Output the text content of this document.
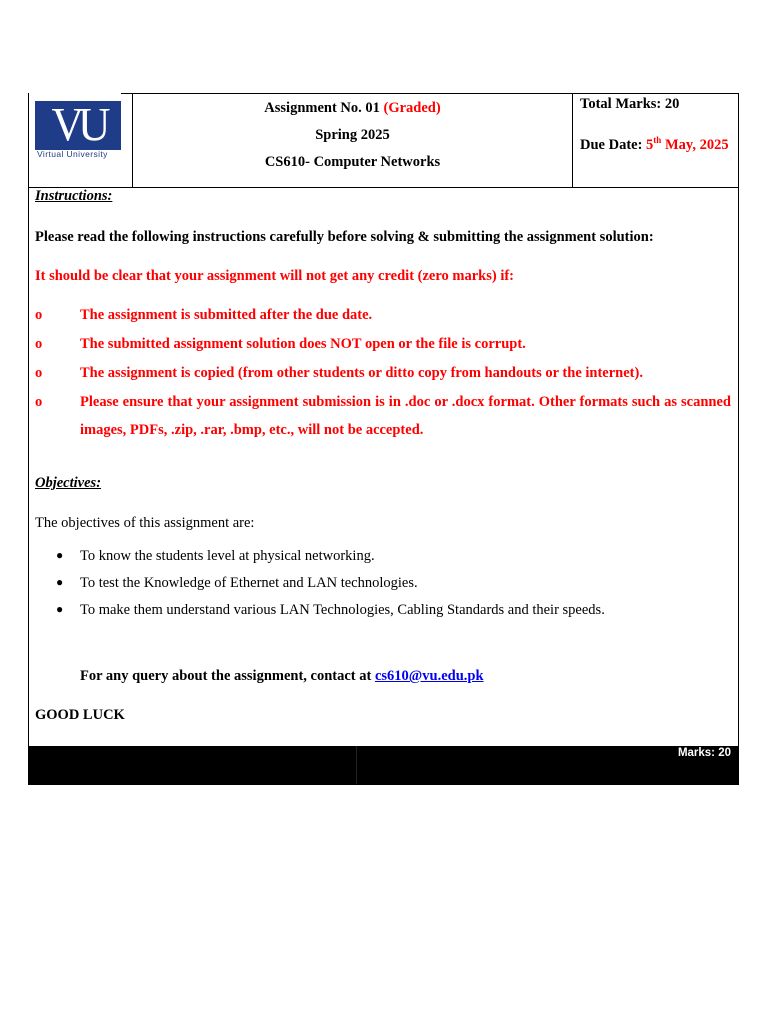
VU
Virtual University
Assignment No. 01 (Graded)
Spring 2025
CS610- Computer Networks
Total Marks: 20
Due Date: 5th May, 2025
Instructions:
Please read the following instructions carefully before solving & submitting the assignment solution:
It should be clear that your assignment will not get any credit (zero marks) if:
o	The assignment is submitted after the due date.
o	The submitted assignment solution does NOT open or the file is corrupt.
o	The assignment is copied (from other students or ditto copy from handouts or the internet).
o	Please ensure that your assignment submission is in .doc or .docx format. Other formats such as scanned images, PDFs, .zip, .rar, .bmp, etc., will not be accepted.
Objectives:
The objectives of this assignment are:
● To know the students level at physical networking.
● To test the Knowledge of Ethernet and LAN technologies.
● To make them understand various LAN Technologies, Cabling Standards and their speeds.
For any query about the assignment, contact at cs610@vu.edu.pk
GOOD LUCK
Marks: 20
